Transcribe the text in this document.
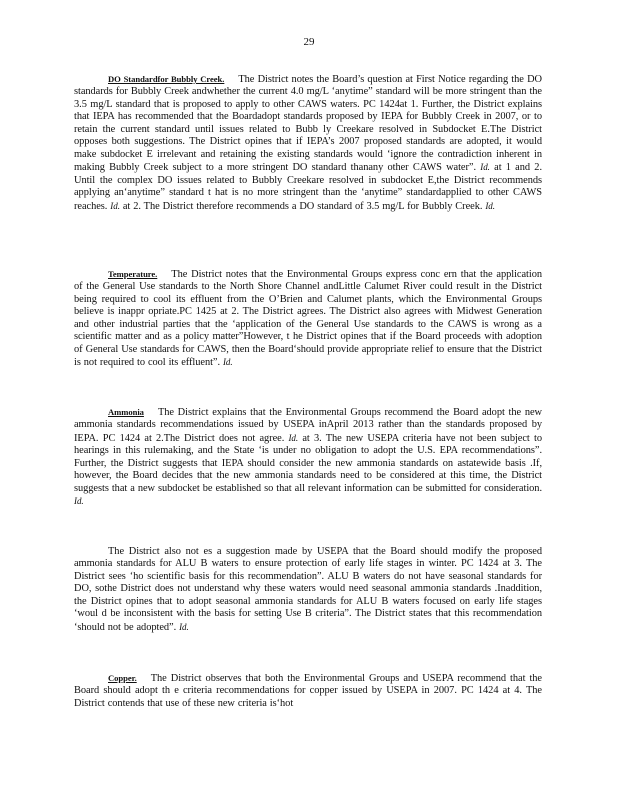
29
DO Standardfor Bubbly Creek. The District notes the Board’s question at First Notice regarding the DO standards for Bubbly Creek andwhether the current 4.0 mg/L ‘anytime” standard will be more stringent than the 3.5 mg/L standard that is proposed to apply to other CAWS waters. PC 1424at 1. Further, the District explains that IEPA has recommended that the Boardadopt standards proposed by IEPA for Bubbly Creek in 2007, or to retain the current standard until issues related to Bubb ly Creekare resolved in Subdocket E.The District opposes both suggestions. The District opines that if IEPA’s 2007 proposed standards are adopted, it would make subdocket E irrelevant and retaining the existing standards would ‘ignore the contradiction inherent in making Bubbly Creek subject to a more stringent DO standard thanany other CAWS water”. Id. at 1 and 2. Until the complex DO issues related to Bubbly Creekare resolved in subdocket E,the District recommends applying an‘anytime” standard t hat is no more stringent than the ‘anytime” standardapplied to other CAWS reaches. Id. at 2. The District therefore recommends a DO standard of 3.5 mg/L for Bubbly Creek. Id.
Temperature. The District notes that the Environmental Groups express conc ern that the application of the General Use standards to the North Shore Channel andLittle Calumet River could result in the District being required to cool its effluent from the O’Brien and Calumet plants, which the Environmental Groups believe is inappr opriate.PC 1425 at 2. The District agrees. The District also agrees with Midwest Generation and other industrial parties that the ‘application of the General Use standards to the CAWS is wrong as a scientific matter and as a policy matter”However, t he District opines that if the Board proceeds with adoption of General Use standards for CAWS, then the Board‘should provide appropriate relief to ensure that the District is not required to cool its effluent”. Id.
Ammonia The District explains that the Environmental Groups recommend the Board adopt the new ammonia standards recommendations issued by USEPA inApril 2013 rather than the standards proposed by IEPA. PC 1424 at 2.The District does not agree. Id. at 3. The new USEPA criteria have not been subject to hearings in this rulemaking, and the State ‘is under no obligation to adopt the U.S. EPA recommendations”. Further, the District suggests that IEPA should consider the new ammonia standards on astatewide basis .If, however, the Board decides that the new ammonia standards need to be considered at this time, the District suggests that a new subdocket be established so that all relevant information can be submitted for consideration. Id.
The District also not es a suggestion made by USEPA that the Board should modify the proposed ammonia standards for ALU B waters to ensure protection of early life stages in winter. PC 1424 at 3. The District sees ‘ho scientific basis for this recommendation”. ALU B waters do not have seasonal standards for DO, sothe District does not understand why these waters would need seasonal ammonia standards .Inaddition, the District opines that to adopt seasonal ammonia standards for ALU B waters focused on early life stages ‘woul d be inconsistent with the basis for setting Use B criteria”. The District states that this recommendation ‘should not be adopted”. Id.
Copper. The District observes that both the Environmental Groups and USEPA recommend that the Board should adopt th e criteria recommendations for copper issued by USEPA in 2007. PC 1424 at 4. The District contends that use of these new criteria is‘hot
